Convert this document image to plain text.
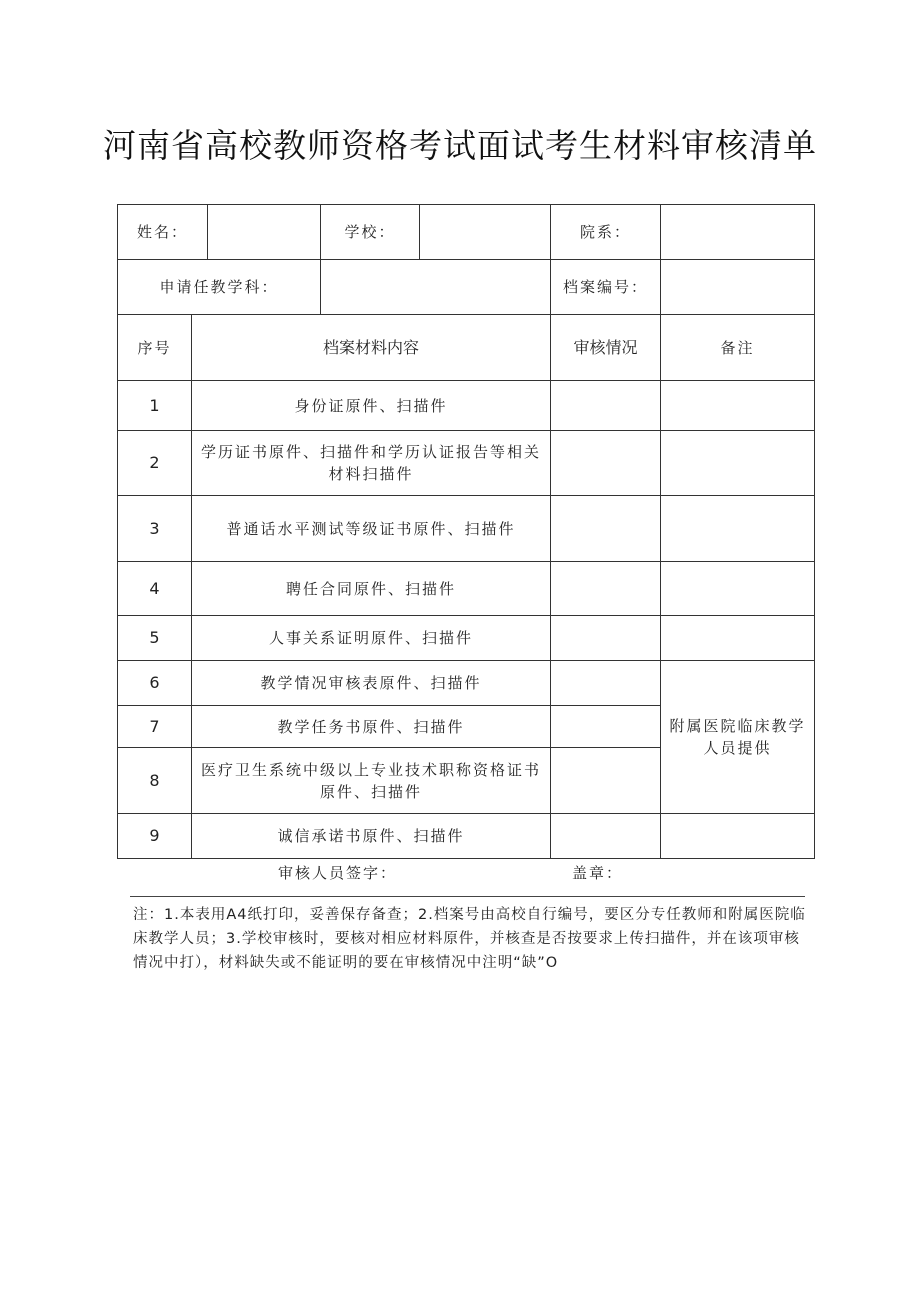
河南省高校教师资格考试面试考生材料审核清单
姓名：			学校：		院系：	
申请任教学科：					档案编号：	
序号	档案材料内容				审核情况	备注
1	身份证原件、扫描件					
2	学历证书原件、扫描件和学历认证报告等相关材料扫描件					
3	普通话水平测试等级证书原件、扫描件					
4	聘任合同原件、扫描件					
5	人事关系证明原件、扫描件					
6	教学情况审核表原件、扫描件					附属医院临床教学人员提供
7	教学任务书原件、扫描件					
8	医疗卫生系统中级以上专业技术职称资格证书原件、扫描件					
9	诚信承诺书原件、扫描件					
审核人员签字：	盖章：
注：1.本表用A4纸打印，妥善保存备查；2.档案号由高校自行编号，要区分专任教师和附属医院临床教学人员；3.学校审核时，要核对相应材料原件，并核查是否按要求上传扫描件，并在该项审核情况中打），材料缺失或不能证明的要在审核情况中注明“缺”O
